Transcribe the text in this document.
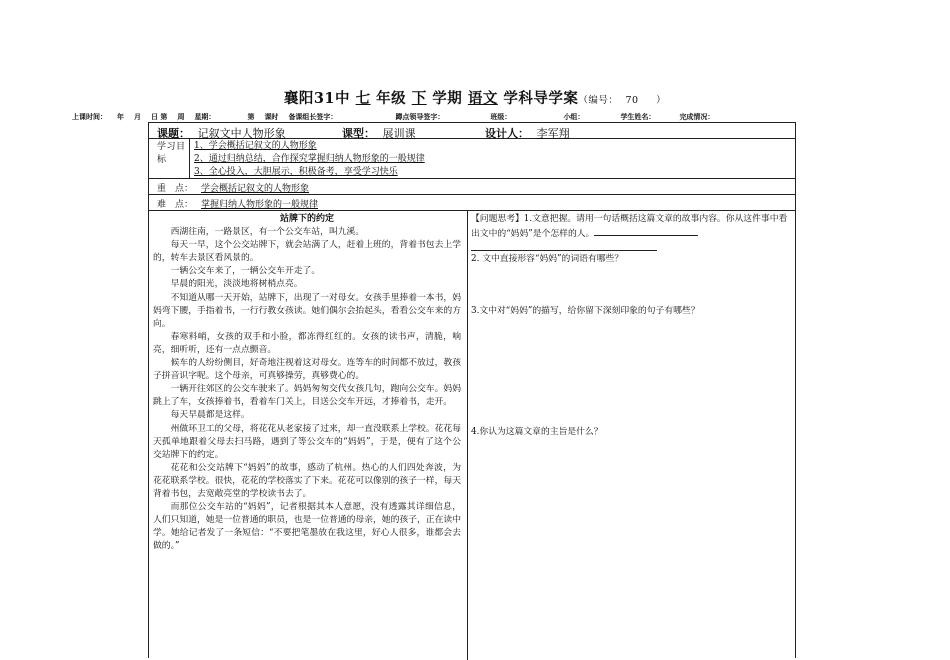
襄阳31中 七 年级 下 学期 语文 学科导学案（编号： 70 ）
上课时间： 年 月 日 第 周 星期：	第 课时 备课组长签字：	蹲点领导签字：	班级：	小组：	学生姓名：	完成情况：
课题： 记叙文中人物形象	课型： 展训课	设计人： 李军翔
学习目标
1、学会概括记叙文的人物形象
2、通过归纳总结，合作探究掌握归纳人物形象的一般规律
3、全心投入，大胆展示，积极备考，享受学习快乐
重　点： 学会概括记叙文的人物形象
难　点： 掌握归纳人物形象的一般规律
站牌下的约定

西湖往南，一路景区，有一个公交车站，叫九溪。

每天一早，这个公交站牌下，就会站满了人，赶着上班的，背着书包去上学的，转车去景区看风景的。

一辆公交车来了，一辆公交车开走了。

早晨的阳光，淡淡地将树梢点亮。

不知道从哪一天开始，站牌下，出现了一对母女。女孩手里捧着一本书，妈妈弯下腰，手指着书，一行行教女孩读。她们偶尔会抬起头，看看公交车来的方向。

春寒料峭，女孩的双手和小脸，都冻得红红的。女孩的读书声，清脆，响亮，细听听，还有一点点颤音。

候车的人纷纷侧目，好奇地注视着这对母女。连等车的时间都不放过，教孩子拼音识字呢。这个母亲，可真够操劳，真够费心的。

一辆开往郊区的公交车驶来了。妈妈匆匆交代女孩几句，跑向公交车。妈妈跳上了车，女孩捧着书，看着车门关上，目送公交车开远，才捧着书，走开。

每天早晨都是这样。

州做环卫工的父母，将花花从老家接了过来，却一直没联系上学校。花花每天孤单地跟着父母去扫马路，遇到了等公交车的“妈妈”，于是，便有了这个公交站牌下的约定。

花花和公交站牌下“妈妈”的故事，感动了杭州。热心的人们四处奔波，为花花联系学校。很快，花花的学校落实了下来。花花可以像别的孩子一样，每天背着书包，去宽敞亮堂的学校读书去了。

而那位公交车站的“妈妈”，记者根据其本人意愿，没有透露其详细信息，人们只知道，她是一位普通的职员，也是一位普通的母亲，她的孩子，正在读中学。她给记者发了一条短信：“不要把笔墨放在我这里，好心人很多，谁都会去做的。”

【问题思考】1.文意把握。请用一句话概括这篇文章的故事内容。你从这件事中看出文中的“妈妈”是个怎样的人。

2. 文中直接形容“妈妈”的词语有哪些？
3.文中对“妈妈”的描写，给你留下深刻印象的句子有哪些？
4.你认为这篇文章的主旨是什么？
